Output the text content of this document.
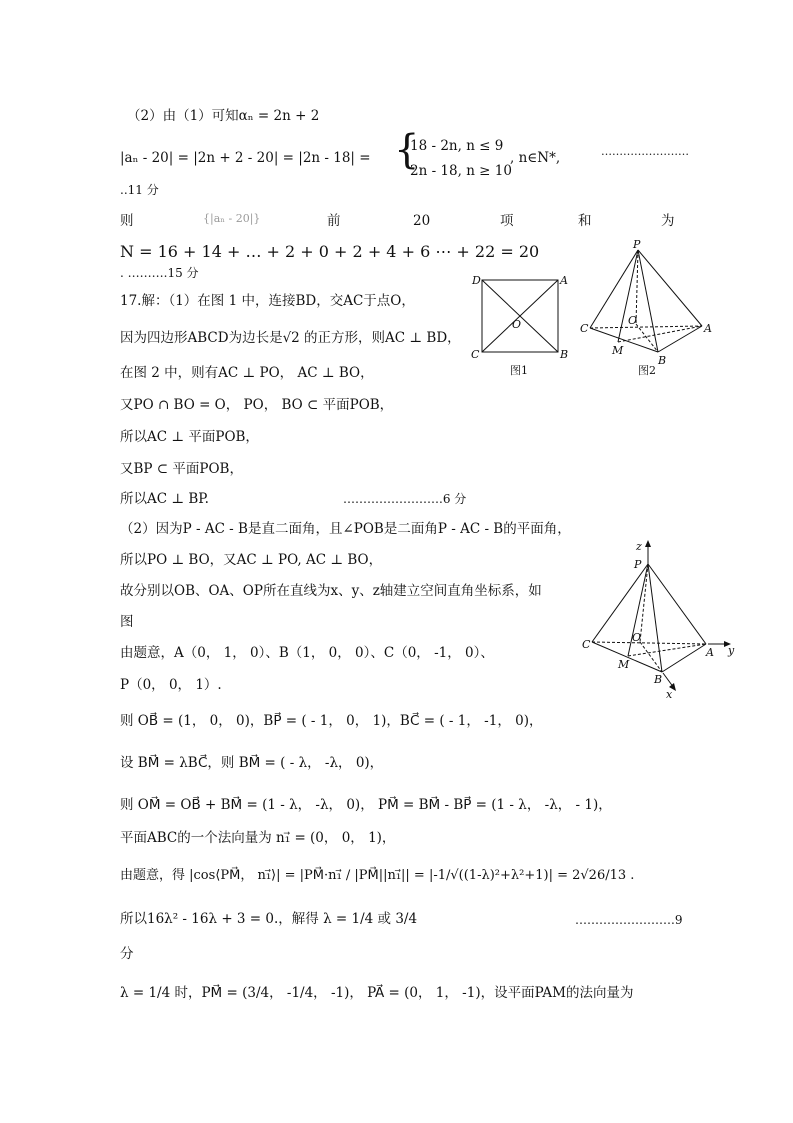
（2）由（1）可知αₙ = 2n + 2
|aₙ - 20| = |2n + 2 - 20| = |2n - 18| = {
18 - 2n, n ≤ 9
2n - 18, n ≥ 10
, n∈N*,	……………………
..11 分
则	{|aₙ - 20|}	前	20	项	和	为
N = 16 + 14 + … + 2 + 0 + 2 + 4 + 6 ⋯ + 22 = 20
. ……….15 分
17.解：（1）在图 1 中，连接BD，交AC于点O，
因为四边形ABCD为边长是√2 的正方形，则AC ⊥ BD，
在图 2 中，则有AC ⊥ PO， AC ⊥ BO，
又PO ∩ BO = O， PO， BO ⊂ 平面POB，
所以AC ⊥ 平面POB，
又BP ⊂ 平面POB，
所以AC ⊥ BP.	…………………….6 分
（2）因为P - AC - B是直二面角，且∠POB是二面角P - AC - B的平面角，
所以PO ⊥ BO，又AC ⊥ PO, AC ⊥ BO，
故分别以OB、OA、OP所在直线为x、y、z轴建立空间直角坐标系，如
图
由题意，A（0， 1， 0）、B（1， 0， 0）、C（0， -1， 0）、
P（0， 0， 1）.
则 OB⃗ = (1， 0， 0)，BP⃗ = ( - 1， 0， 1)，BC⃗ = ( - 1， -1， 0)，
设 BM⃗ = λBC⃗，则 BM⃗ = ( - λ， -λ， 0)，
则 OM⃗ = OB⃗ + BM⃗ = (1 - λ， -λ， 0)， PM⃗ = BM⃗ - BP⃗ = (1 - λ， -λ， - 1)，
平面ABC的一个法向量为 n₁⃗ = (0， 0， 1)，
由题意，得 |cos⟨PM⃗， n₁⃗⟩| = |PM⃗·n₁⃗ / |PM⃗||n₁⃗|| = |-1/√((1-λ)²+λ²+1)| = 2√26/13 .
所以16λ² - 16λ + 3 = 0.，解得 λ = 1/4 或 3/4	…………………….9
分
λ = 1/4 时，PM⃗ = (3/4， -1/4， -1)， PA⃗ = (0， 1， -1)，设平面PAM的法向量为
D	A
C	B
O
图1
P
C	A
B
M
O
图2
z
P
C
A y
B
x
M
O
